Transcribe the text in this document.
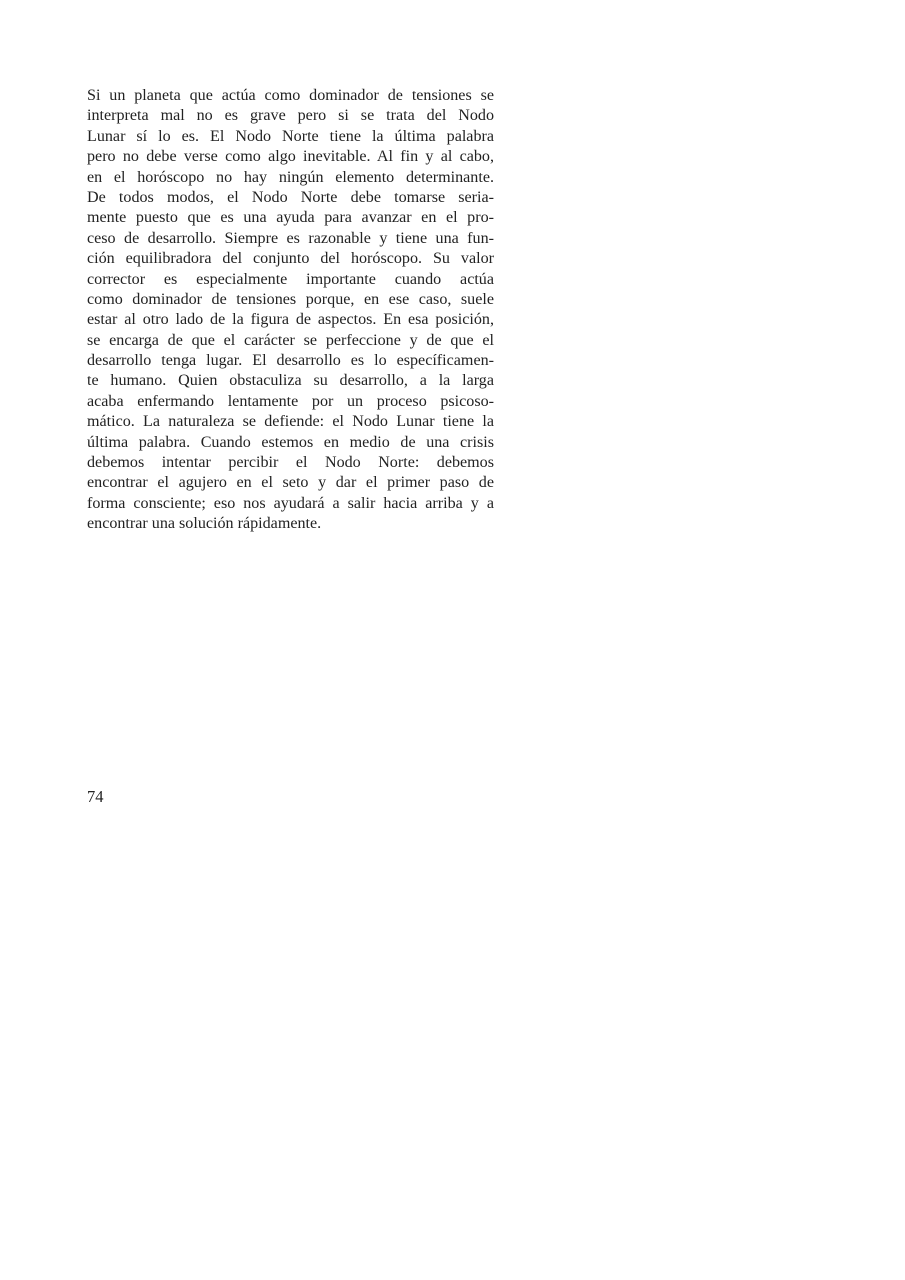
Si un planeta que actúa como dominador de tensiones se
interpreta mal no es grave pero si se trata del Nodo
Lunar sí lo es. El Nodo Norte tiene la última palabra
pero no debe verse como algo inevitable. Al fin y al cabo,
en el horóscopo no hay ningún elemento determinante.
De todos modos, el Nodo Norte debe tomarse seria-
mente puesto que es una ayuda para avanzar en el pro-
ceso de desarrollo. Siempre es razonable y tiene una fun-
ción equilibradora del conjunto del horóscopo. Su valor
corrector es especialmente importante cuando actúa
como dominador de tensiones porque, en ese caso, suele
estar al otro lado de la figura de aspectos. En esa posición,
se encarga de que el carácter se perfeccione y de que el
desarrollo tenga lugar. El desarrollo es lo específicamen-
te humano. Quien obstaculiza su desarrollo, a la larga
acaba enfermando lentamente por un proceso psicoso-
mático. La naturaleza se defiende: el Nodo Lunar tiene la
última palabra. Cuando estemos en medio de una crisis
debemos intentar percibir el Nodo Norte: debemos
encontrar el agujero en el seto y dar el primer paso de
forma consciente; eso nos ayudará a salir hacia arriba y a
encontrar una solución rápidamente.
74
